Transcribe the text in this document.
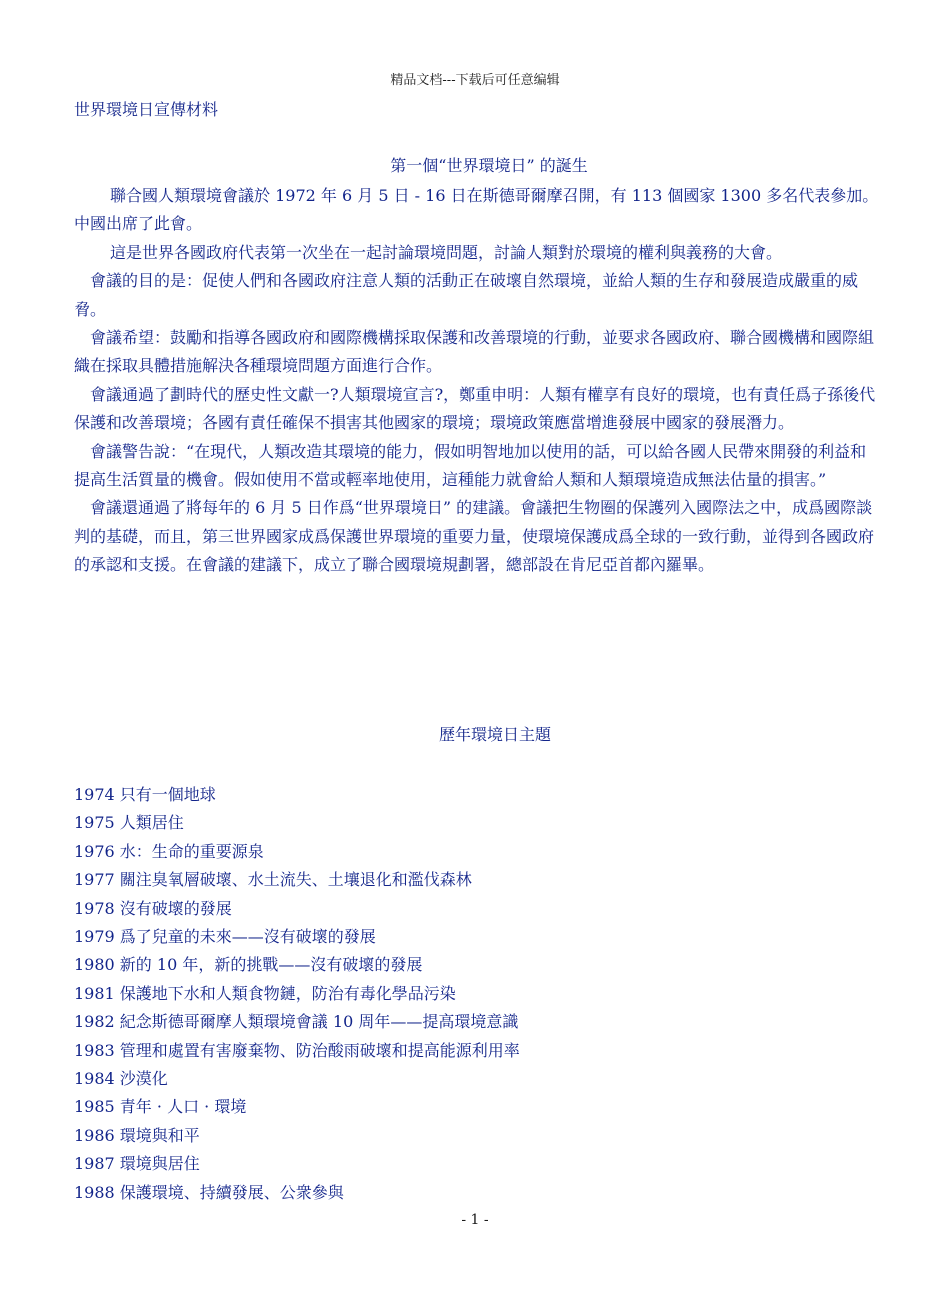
精品文档---下载后可任意编辑
世界環境日宣傳材料
第一個“世界環境日” 的誕生

聯合國人類環境會議於 1972 年 6 月 5 日 - 16 日在斯德哥爾摩召開，有 113 個國家 1300 多名代表參加。中國出席了此會。

這是世界各國政府代表第一次坐在一起討論環境問題，討論人類對於環境的權利與義務的大會。

會議的目的是：促使人們和各國政府注意人類的活動正在破壞自然環境，並給人類的生存和發展造成嚴重的威脅。

會議希望：鼓勵和指導各國政府和國際機構採取保護和改善環境的行動，並要求各國政府、聯合國機構和國際組織在採取具體措施解決各種環境問題方面進行合作。

會議通過了劃時代的歷史性文獻一?人類環境宣言?，鄭重申明：人類有權享有良好的環境，也有責任爲子孫後代保護和改善環境；各國有責任確保不損害其他國家的環境；環境政策應當增進發展中國家的發展潛力。

會議警告說：“在現代，人類改造其環境的能力，假如明智地加以使用的話，可以給各國人民帶來開發的利益和提高生活質量的機會。假如使用不當或輕率地使用，這種能力就會給人類和人類環境造成無法估量的損害。”

會議還通過了將每年的 6 月 5 日作爲“世界環境日” 的建議。會議把生物圈的保護列入國際法之中，成爲國際談判的基礎，而且，第三世界國家成爲保護世界環境的重要力量，使環境保護成爲全球的一致行動，並得到各國政府的承認和支援。在會議的建議下，成立了聯合國環境規劃署，總部設在肯尼亞首都內羅畢。

歷年環境日主題
1974 只有一個地球
1975 人類居住
1976 水：生命的重要源泉
1977 關注臭氧層破壞、水土流失、土壤退化和濫伐森林
1978 沒有破壞的發展
1979 爲了兒童的未來——沒有破壞的發展
1980 新的 10 年，新的挑戰——沒有破壞的發展
1981 保護地下水和人類食物鏈，防治有毒化學品污染
1982 紀念斯德哥爾摩人類環境會議 10 周年——提高環境意識
1983 管理和處置有害廢棄物、防治酸雨破壞和提高能源利用率
1984 沙漠化
1985 青年 · 人口 · 環境
1986 環境與和平
1987 環境與居住
1988 保護環境、持續發展、公衆參與
- 1 -
